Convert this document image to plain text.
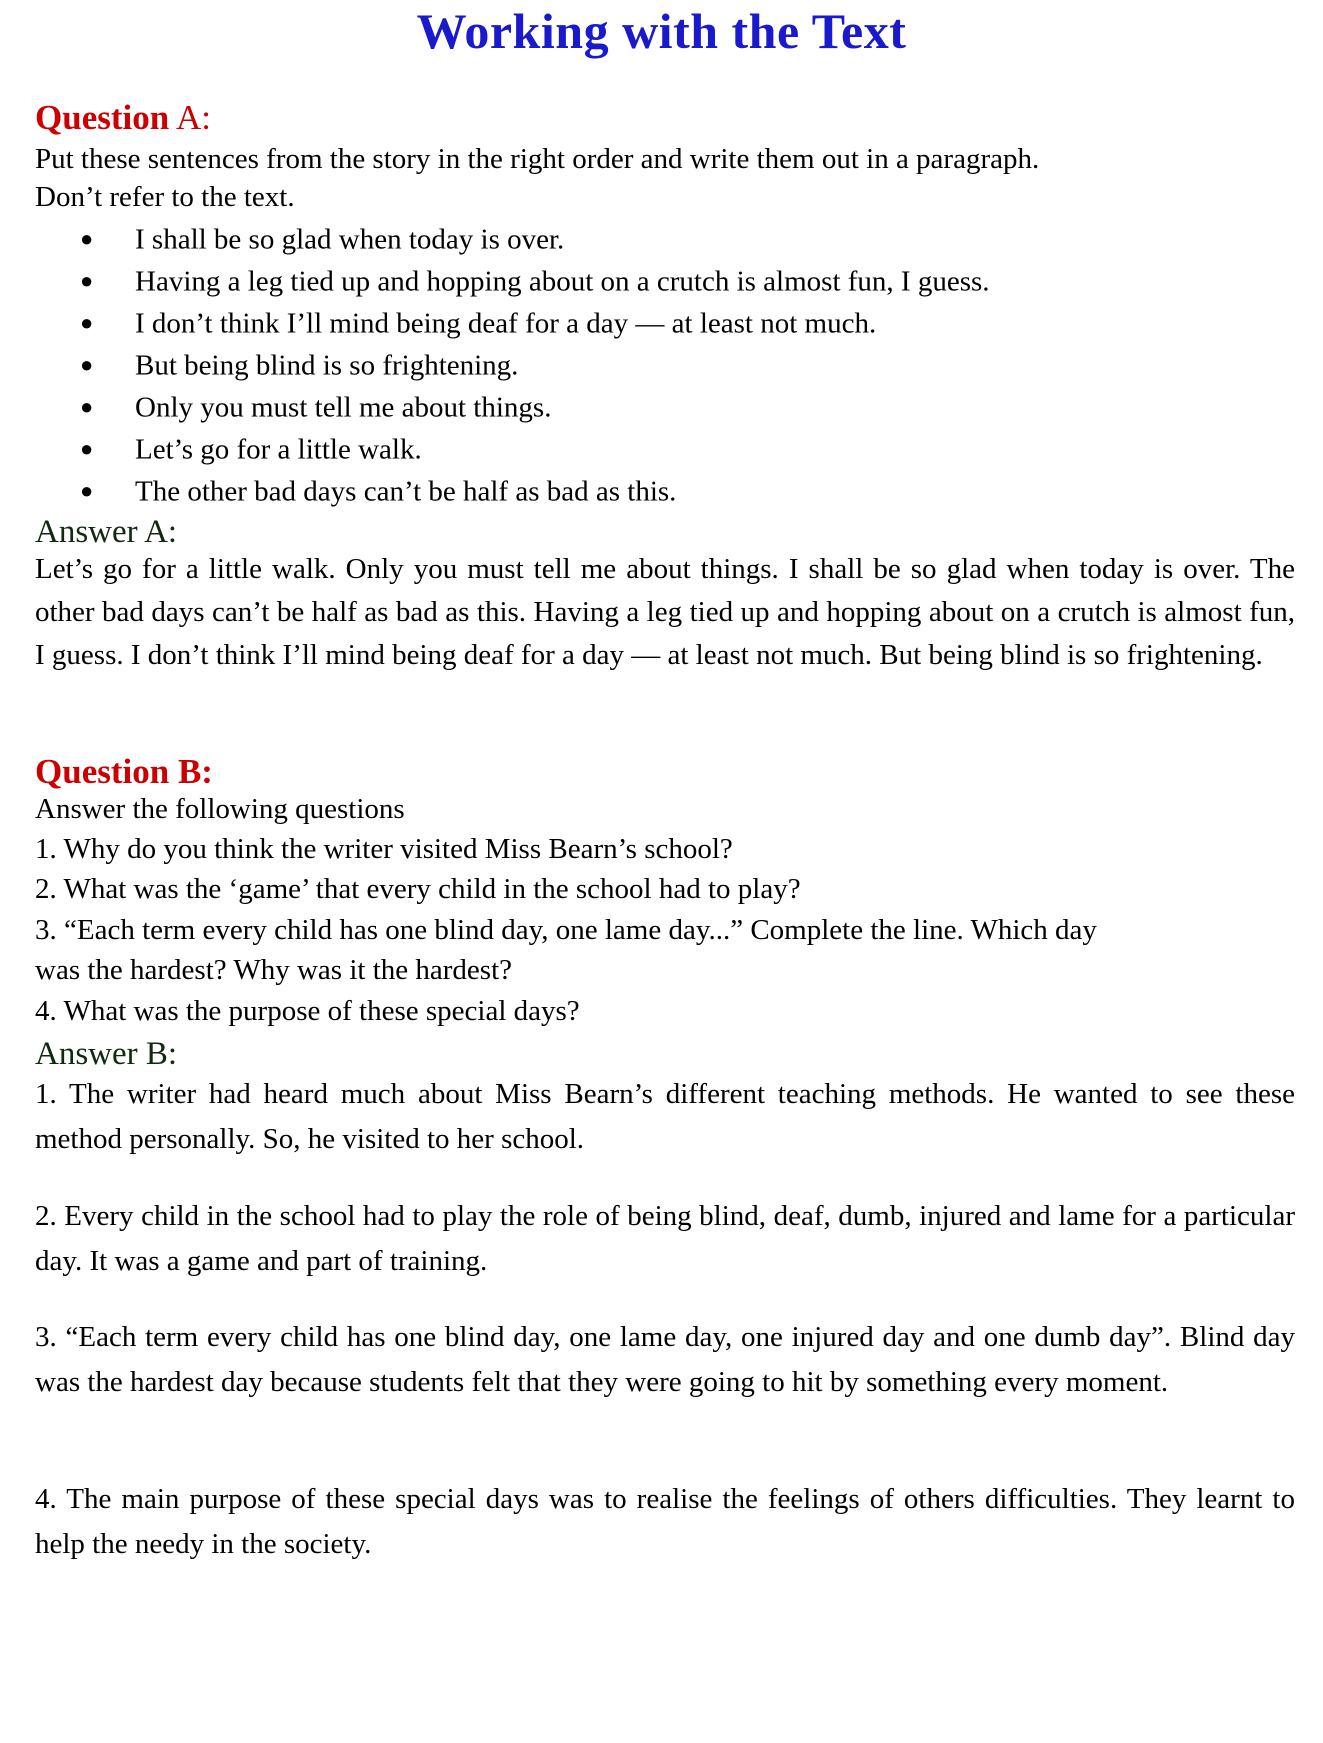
Working with the Text
Question A:
Put these sentences from the story in the right order and write them out in a paragraph.
Don’t refer to the text.
● I shall be so glad when today is over.
● Having a leg tied up and hopping about on a crutch is almost fun, I guess.
● I don’t think I’ll mind being deaf for a day — at least not much.
● But being blind is so frightening.
● Only you must tell me about things.
● Let’s go for a little walk.
● The other bad days can’t be half as bad as this.
Answer A:
Let’s go for a little walk. Only you must tell me about things. I shall be so glad when today is over. The other bad days can’t be half as bad as this. Having a leg tied up and hopping about on a crutch is almost fun, I guess. I don’t think I’ll mind being deaf for a day — at least not much. But being blind is so frightening.
Question B:
Answer the following questions
1. Why do you think the writer visited Miss Bearn’s school?
2. What was the ‘game’ that every child in the school had to play?
3. “Each term every child has one blind day, one lame day...” Complete the line. Which day
was the hardest? Why was it the hardest?
4. What was the purpose of these special days?
Answer B:
1. The writer had heard much about Miss Bearn’s different teaching methods. He wanted to see these method personally. So, he visited to her school.
2. Every child in the school had to play the role of being blind, deaf, dumb, injured and lame for a particular day. It was a game and part of training.
3. “Each term every child has one blind day, one lame day, one injured day and one dumb day”. Blind day was the hardest day because students felt that they were going to hit by something every moment.
4. The main purpose of these special days was to realise the feelings of others difficulties. They learnt to help the needy in the society.
